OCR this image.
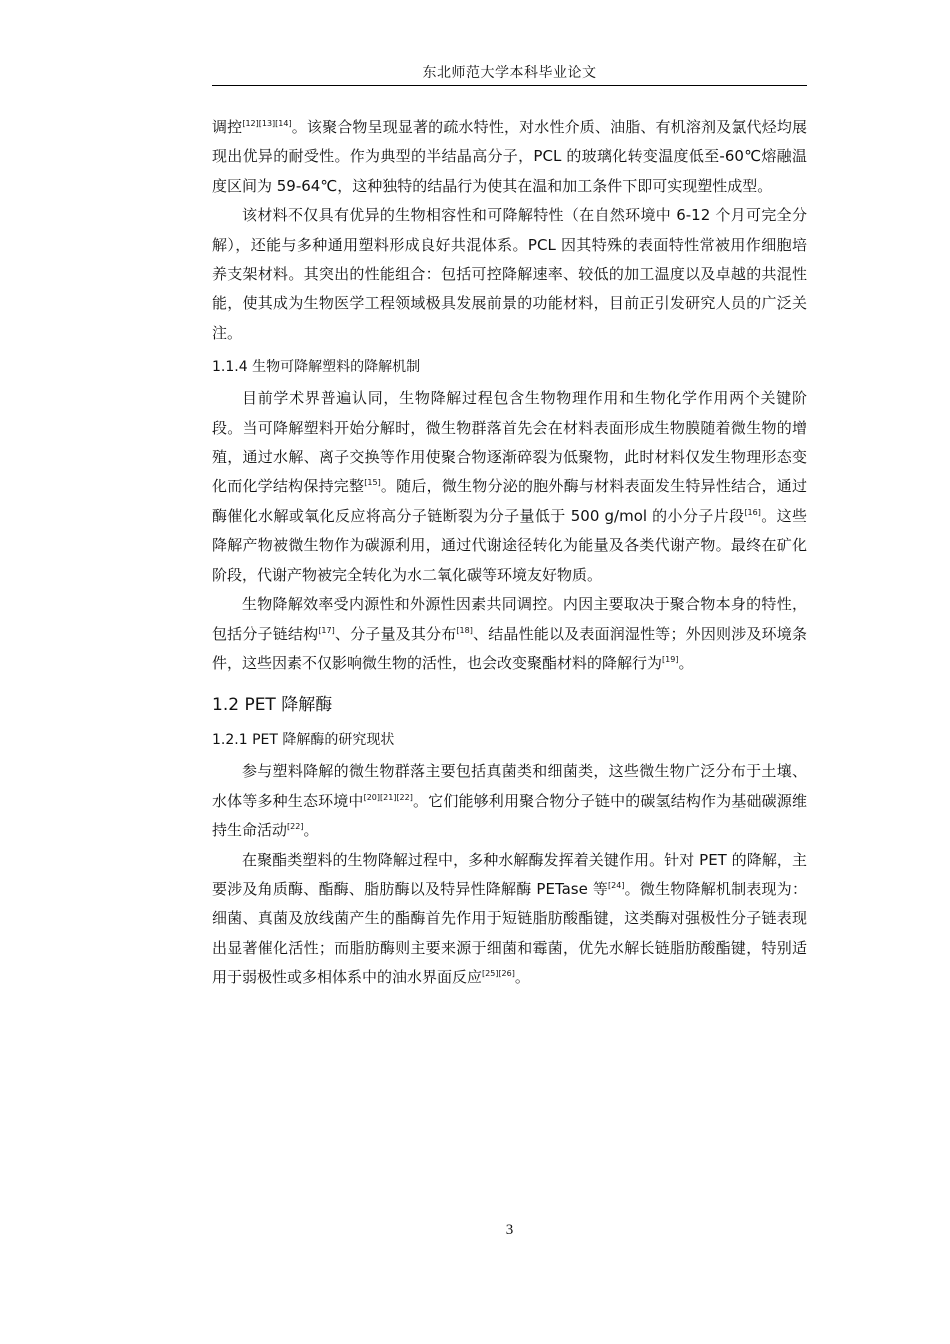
东北师范大学本科毕业论文

调控[12][13][14]。该聚合物呈现显著的疏水特性，对水性介质、油脂、有机溶剂及氯代烃均展现出优异的耐受性。作为典型的半结晶高分子，PCL 的玻璃化转变温度低至-60℃熔融温度区间为 59-64℃，这种独特的结晶行为使其在温和加工条件下即可实现塑性成型。

该材料不仅具有优异的生物相容性和可降解特性（在自然环境中 6-12 个月可完全分解），还能与多种通用塑料形成良好共混体系。PCL 因其特殊的表面特性常被用作细胞培养支架材料。其突出的性能组合：包括可控降解速率、较低的加工温度以及卓越的共混性能，使其成为生物医学工程领域极具发展前景的功能材料，目前正引发研究人员的广泛关注。

1.1.4 生物可降解塑料的降解机制

目前学术界普遍认同，生物降解过程包含生物物理作用和生物化学作用两个关键阶段。当可降解塑料开始分解时，微生物群落首先会在材料表面形成生物膜随着微生物的增殖，通过水解、离子交换等作用使聚合物逐渐碎裂为低聚物，此时材料仅发生物理形态变化而化学结构保持完整[15]。随后，微生物分泌的胞外酶与材料表面发生特异性结合，通过酶催化水解或氧化反应将高分子链断裂为分子量低于 500 g/mol 的小分子片段[16]。这些降解产物被微生物作为碳源利用，通过代谢途径转化为能量及各类代谢产物。最终在矿化阶段，代谢产物被完全转化为水二氧化碳等环境友好物质。

生物降解效率受内源性和外源性因素共同调控。内因主要取决于聚合物本身的特性，包括分子链结构[17]、分子量及其分布[18]、结晶性能以及表面润湿性等；外因则涉及环境条件，这些因素不仅影响微生物的活性，也会改变聚酯材料的降解行为[19]。

1.2 PET 降解酶
1.2.1 PET 降解酶的研究现状

参与塑料降解的微生物群落主要包括真菌类和细菌类，这些微生物广泛分布于土壤、水体等多种生态环境中[20][21][22]。它们能够利用聚合物分子链中的碳氢结构作为基础碳源维持生命活动[22]。

在聚酯类塑料的生物降解过程中，多种水解酶发挥着关键作用。针对 PET 的降解，主要涉及角质酶、酯酶、脂肪酶以及特异性降解酶 PETase 等[24]。微生物降解机制表现为：细菌、真菌及放线菌产生的酯酶首先作用于短链脂肪酸酯键，这类酶对强极性分子链表现出显著催化活性；而脂肪酶则主要来源于细菌和霉菌，优先水解长链脂肪酸酯键，特别适用于弱极性或多相体系中的油水界面反应[25][26]。

3
